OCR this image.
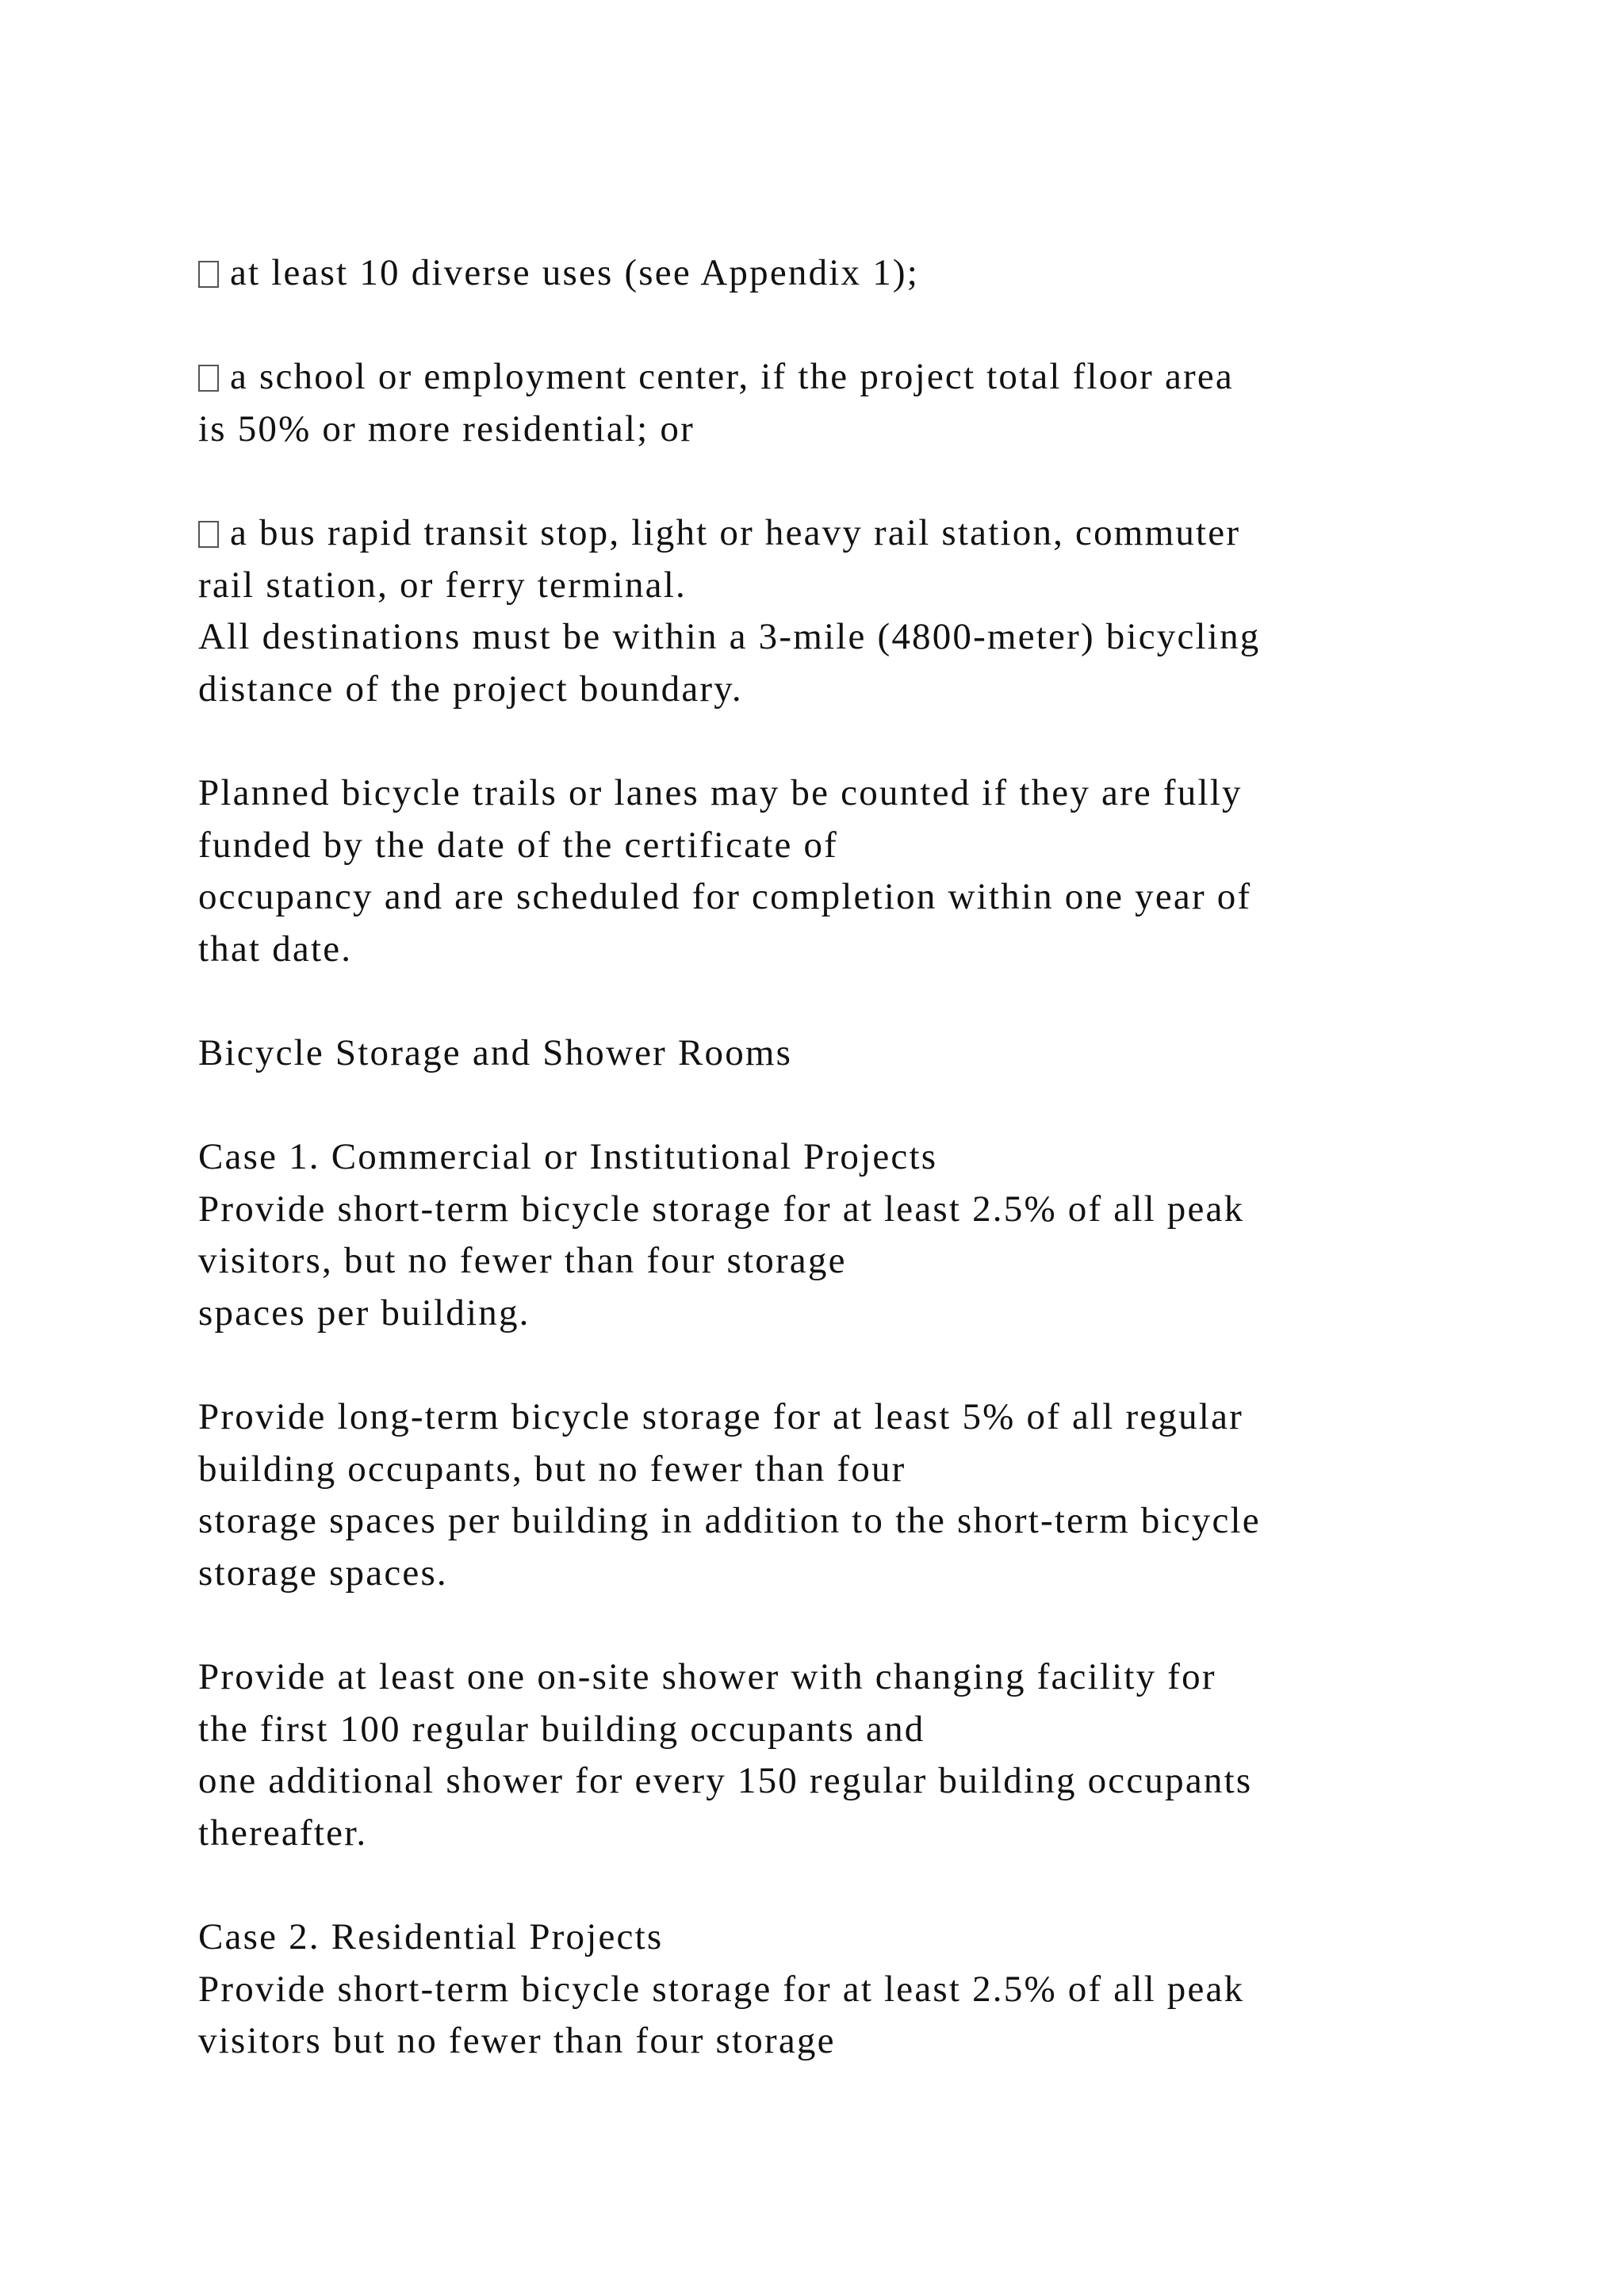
at least 10 diverse uses (see Appendix 1);
a school or employment center, if the project total floor area
is 50% or more residential; or
a bus rapid transit stop, light or heavy rail station, commuter
rail station, or ferry terminal.
All destinations must be within a 3-mile (4800-meter) bicycling
distance of the project boundary.
Planned bicycle trails or lanes may be counted if they are fully
funded by the date of the certificate of
occupancy and are scheduled for completion within one year of
that date.
Bicycle Storage and Shower Rooms
Case 1. Commercial or Institutional Projects
Provide short-term bicycle storage for at least 2.5% of all peak
visitors, but no fewer than four storage
spaces per building.
Provide long-term bicycle storage for at least 5% of all regular
building occupants, but no fewer than four
storage spaces per building in addition to the short-term bicycle
storage spaces.
Provide at least one on-site shower with changing facility for
the first 100 regular building occupants and
one additional shower for every 150 regular building occupants
thereafter.
Case 2. Residential Projects
Provide short-term bicycle storage for at least 2.5% of all peak
visitors but no fewer than four storage
